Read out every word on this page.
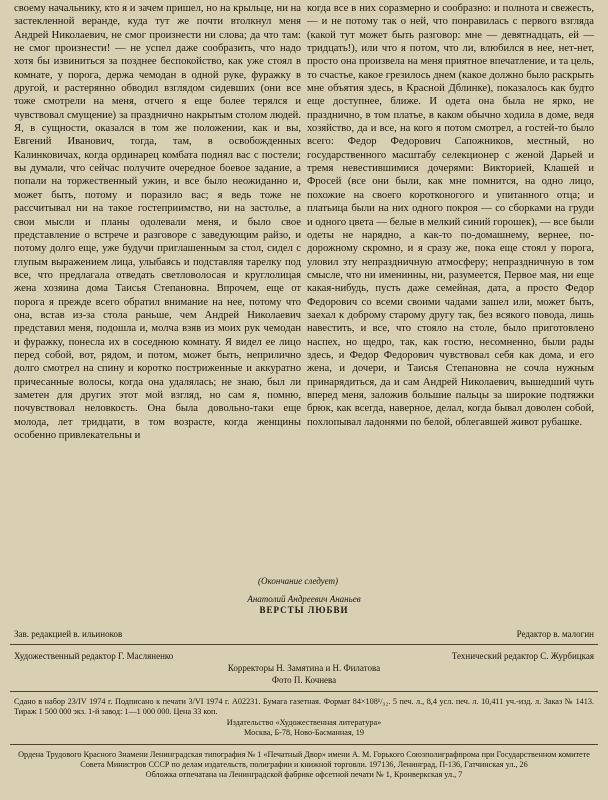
своему начальнику, кто я и зачем пришел, но на крыльце, ни на застекленной веранде, куда тут же почти втолкнул меня Андрей Николаевич, не смог произнести ни слова; да что там: не смог произнести! — не успел даже сообразить, что надо хотя бы извиниться за позднее беспокойство, как уже стоял в комнате, у порога, держа чемодан в одной руке, фуражку в другой, и растерянно обводил взглядом сидевших (они все тоже смотрели на меня, отчего я еще более терялся и чувствовал смущение) за празднично накрытым столом людей. Я, в сущности, оказался в том же положении, как и вы, Евгений Иванович, тогда, там, в освобожденных Калинковичах, когда ординарец комбата поднял вас с постели; вы думали, что сейчас получите очередное боевое задание, а попали на торжественный ужин, и все было неожиданно и, может быть, потому и поразило вас; я ведь тоже не рассчитывал ни на такое гостеприимство, ни на застолье, а свои мысли и планы одолевали меня, и было свое представление о встрече и разговоре с заведующим райзо, и потому долго еще, уже будучи приглашенным за стол, сидел с глупым выражением лица, улыбаясь и подставляя тарелку под все, что предлагала отведать светловолосая и круглолицая жена хозяина дома Таисья Степановна. Впрочем, еще от порога я прежде всего обратил внимание на нее, потому что она, встав из-за стола раньше, чем Андрей Николаевич представил меня, подошла и, молча взяв из моих рук чемодан и фуражку, понесла их в соседнюю комнату. Я видел ее лицо перед собой, вот, рядом, и потом, может быть, неприлично долго смотрел на спину и коротко постриженные и аккуратно причесанные волосы, когда она удалялась; не знаю, был ли заметен для других этот мой взгляд, но сам я, помню, почувствовал неловкость. Она была довольно-таки еще молода, лет тридцати, в том возрасте, когда женщины особенно привлекательны и

когда все в них соразмерно и сообразно: и полнота и свежесть, — и не потому так о ней, что понравилась с первого взгляда (какой тут может быть разговор: мне — девятнадцать, ей — тридцать!), или что я потом, что ли, влюбился в нее, нет-нет, просто она произвела на меня приятное впечатление, и та цель, то счастье, какое грезилось днем (какое должно было раскрыть мне объятия здесь, в Красной Дблинке), показалось как будто еще доступнее, ближе. И одета она была не ярко, не празднично, в том платье, в каком обычно ходила в доме, ведя хозяйство, да и все, на кого я потом смотрел, а гостей-то было всего: Федор Федорович Сапожников, местный, но государственного масштабу селекционер с женой Дарьей и тремя невестившимися дочерями: Викторией, Клашей и Фросей (все они были, как мне помнится, на одно лицо, похожие на своего коротконогого и упитанного отца; и платьица были на них одного покроя — со сборками на груди и одного цвета — белые в мелкий синий горошек), — все были одеты не нарядно, а как-то по-домашнему, вернее, по-дорожному скромно, и я сразу же, пока еще стоял у порога, уловил эту непраздничную атмосферу; непраздничную в том смысле, что ни именинны, ни, разумеется, Первое мая, ни еще какая-нибудь, пусть даже семейная, дата, а просто Федор Федорович со всеми своими чадами зашел или, может быть, заехал к доброму старому другу так, без всякого повода, лишь навестить, и все, что стояло на столе, было приготовлено наспех, но щедро, так, как гостю, несомненно, были рады здесь, и Федор Федорович чувствовал себя как дома, и его жена, и дочери, и Таисья Степановна не сочла нужным принарядиться, да и сам Андрей Николаевич, вышедший чуть вперед меня, заложив большие пальцы за широкие подтяжки брюк, как всегда, наверное, делал, когда бывал доволен собой, похлопывал ладонями по белой, облегавшей живот рубашке.

(Окончание следует)
Анатолий Андреевич Ананьев
ВЕРСТЫ ЛЮБВИ
Зав. редакцией в. ильиноков	Редактор в. малогин
Художественный редактор Г. Масляненко	Технический редактор С. Журбицкая
Корректоры Н. Замятина и Н. Филатова
Фото П. Кочнева
Сдано в набор 23/IV 1974 г. Подписано к печати 3/VI 1974 г. А02231. Бумага газетная. Формат 84×108¹/₃₂. 5 печ. л., 8,4 усл. печ. л. 10,411 уч.-изд. л. Заказ № 1413. Тираж 1 500 000 экз. 1-й завод: 1—1 000 000. Цена 33 коп.
Издательство «Художественная литература»
Москва, Б-78, Ново-Басманная, 19
Ордена Трудового Красного Знамени Ленинградская типография № 1 «Печатный Двор» имени А. М. Горького Союзполиграфпрома при Государственном комитете Совета Министров СССР по делам издательств, полиграфии и книжной торговли. 197136, Ленинград, П-136, Гатчинская ул., 26
Обложка отпечатана на Ленинградской фабрике офсетной печати № 1, Кронверкская ул., 7
